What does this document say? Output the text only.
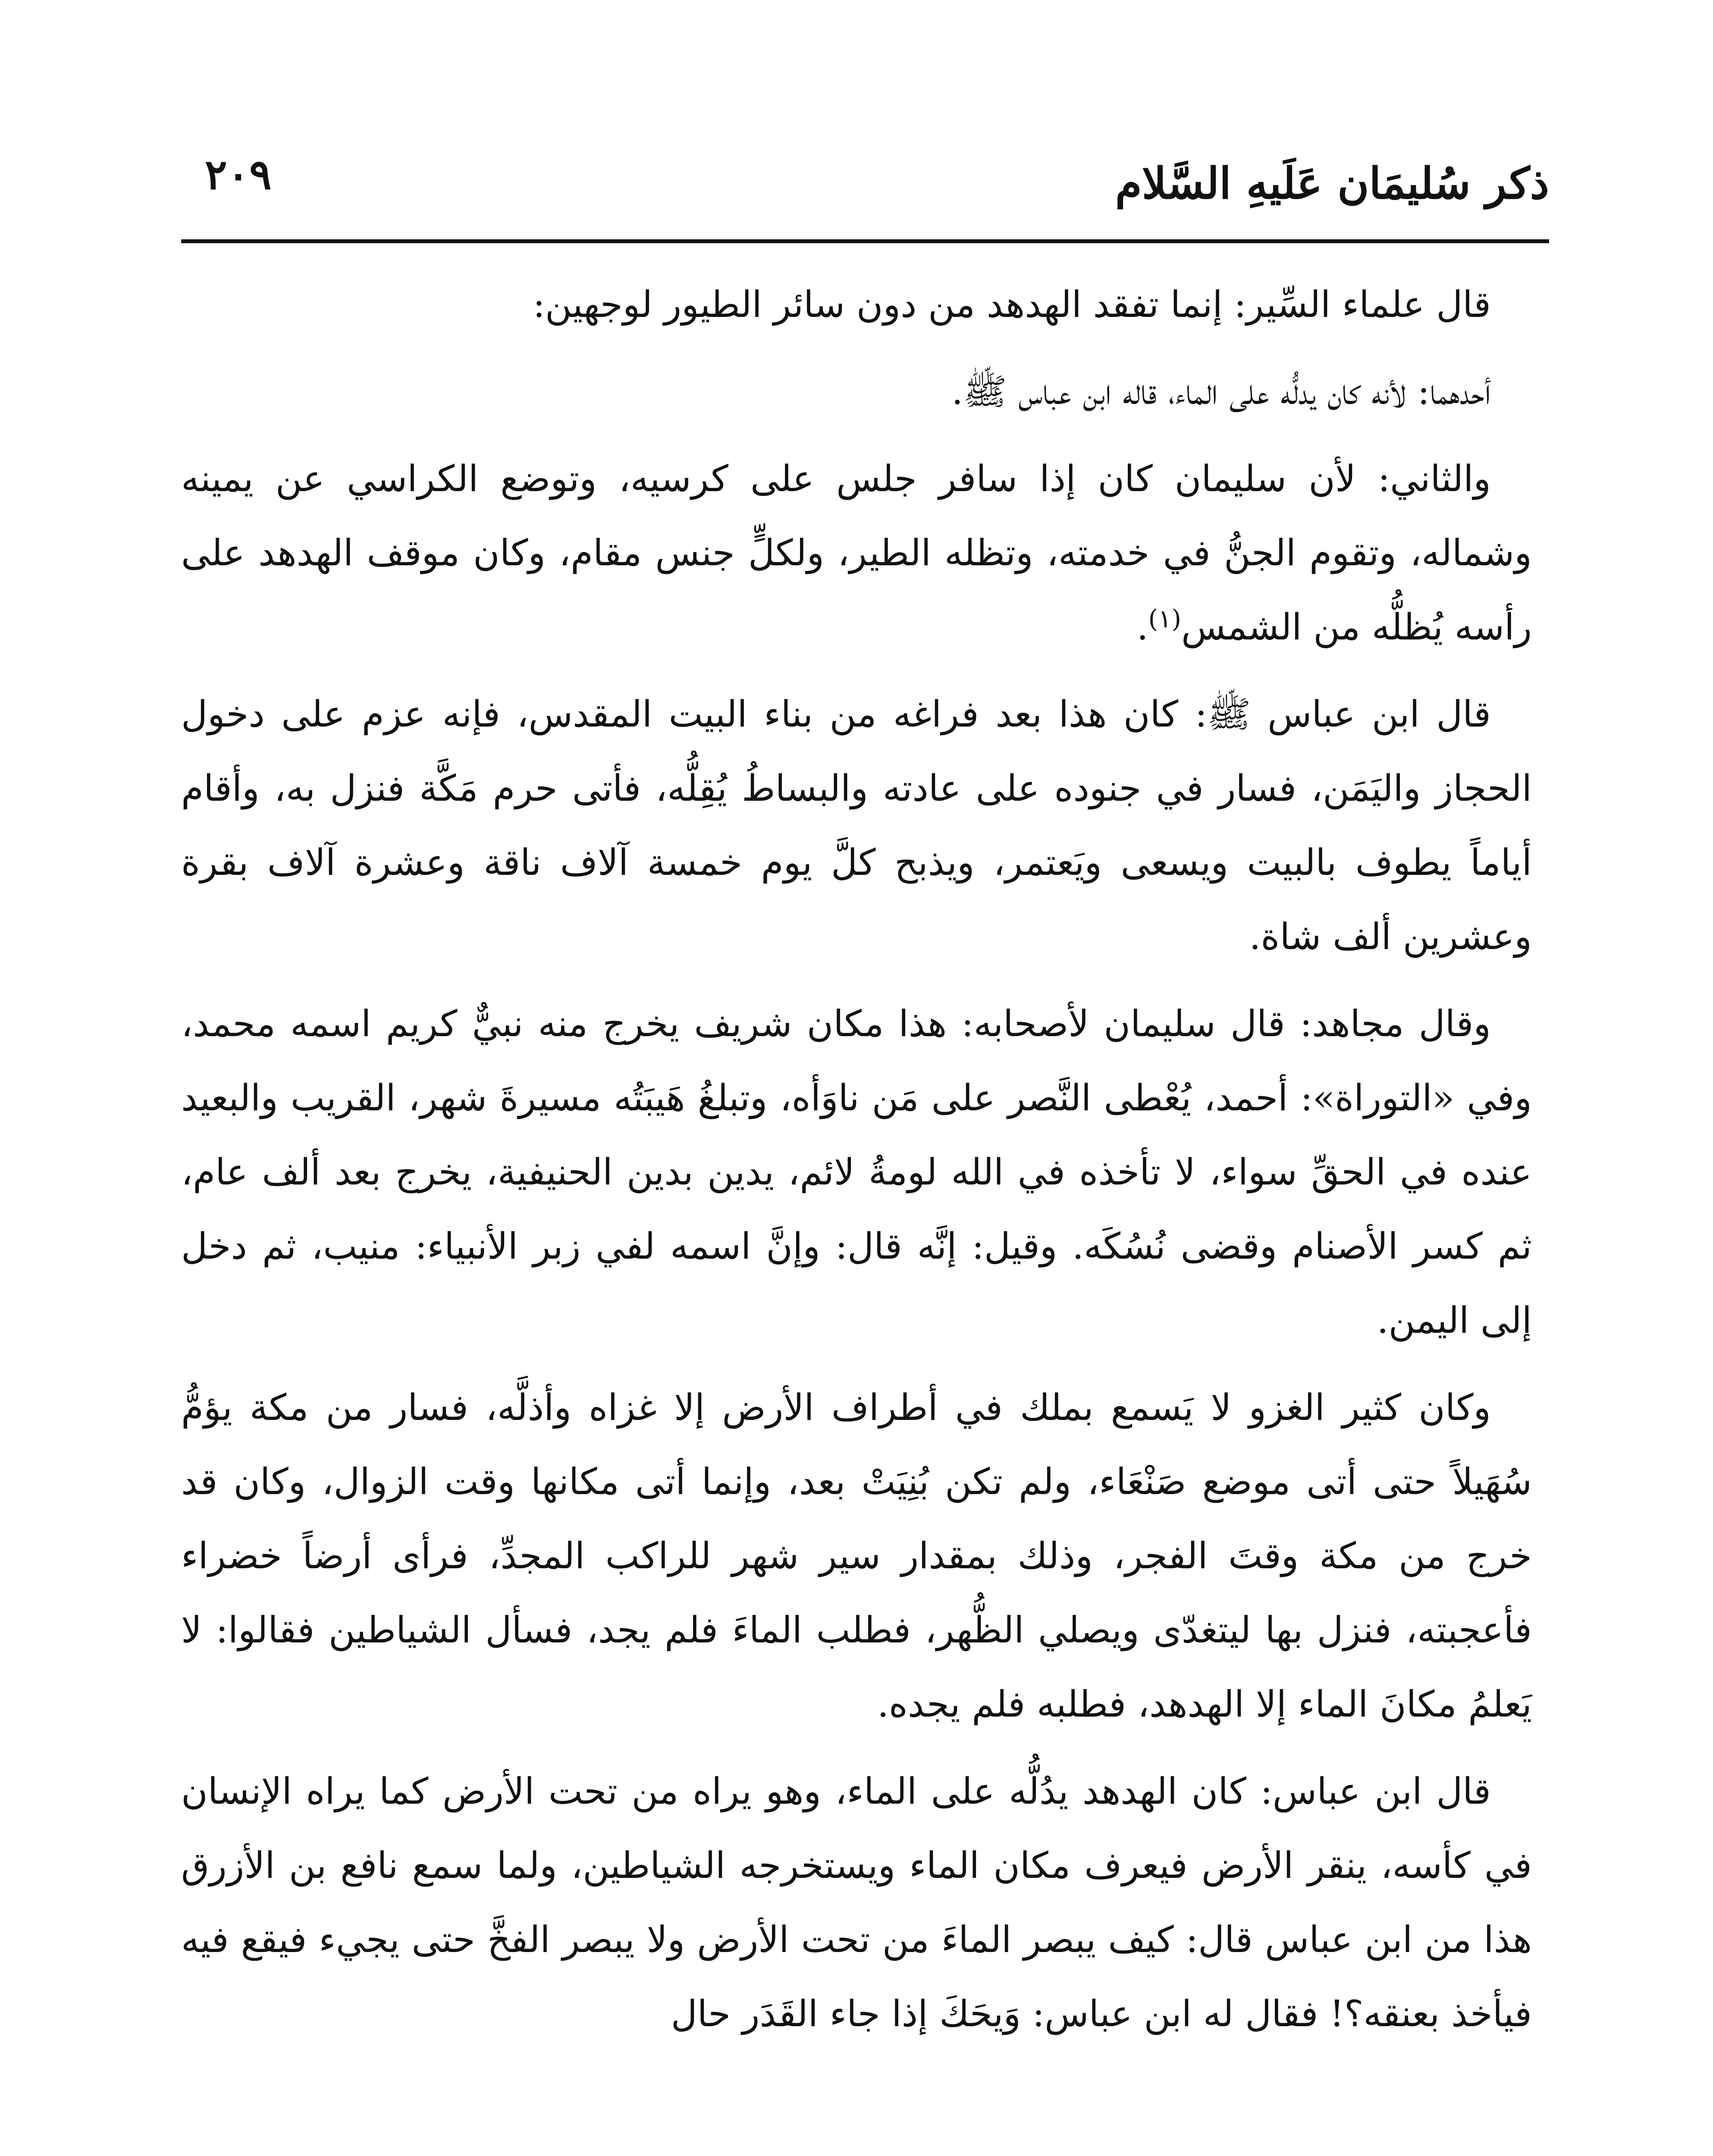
ذكر سُليمَان عَلَيهِ السَّلام
٢٠٩

قال علماء السِّير: إنما تفقد الهدهد من دون سائر الطيور لوجهين:

أحدهما: لأنه كان يدلُّه على الماء، قاله ابن عباس ﷺ.

والثاني: لأن سليمان كان إذا سافر جلس على كرسيه، وتوضع الكراسي عن يمينه وشماله، وتقوم الجنُّ في خدمته، وتظله الطير، ولكلٍّ جنس مقام، وكان موقف الهدهد على رأسه يُظلُّه من الشمس$^{(١)}$.

قال ابن عباس ﷺ: كان هذا بعد فراغه من بناء البيت المقدس، فإنه عزم على دخول الحجاز واليَمَن، فسار في جنوده على عادته والبساطُ يُقِلُّه، فأتى حرم مَكَّة فنزل به، وأقام أياماً يطوف بالبيت ويسعى ويَعتمر، ويذبح كلَّ يوم خمسة آلاف ناقة وعشرة آلاف بقرة وعشرين ألف شاة.

وقال مجاهد: قال سليمان لأصحابه: هذا مكان شريف يخرج منه نبيٌّ كريم اسمه محمد، وفي «التوراة»: أحمد، يُعْطى النَّصر على مَن ناوَأه، وتبلغُ هَيبَتُه مسيرةَ شهر، القريب والبعيد عنده في الحقِّ سواء، لا تأخذه في الله لومةُ لائم، يدين بدين الحنيفية، يخرج بعد ألف عام، ثم كسر الأصنام وقضى نُسُكَه. وقيل: إنَّه قال: وإنَّ اسمه لفي زبر الأنبياء: منيب، ثم دخل إلى اليمن.

وكان كثير الغزو لا يَسمع بملك في أطراف الأرض إلا غزاه وأذلَّه، فسار من مكة يؤمُّ سُهَيلاً حتى أتى موضع صَنْعَاء، ولم تكن بُنِيَتْ بعد، وإنما أتى مكانها وقت الزوال، وكان قد خرج من مكة وقتَ الفجر، وذلك بمقدار سير شهر للراكب المجدِّ، فرأى أرضاً خضراء فأعجبته، فنزل بها ليتغدّى ويصلي الظُّهر، فطلب الماءَ فلم يجد، فسأل الشياطين فقالوا: لا يَعلمُ مكانَ الماء إلا الهدهد، فطلبه فلم يجده.

قال ابن عباس: كان الهدهد يدُلُّه على الماء، وهو يراه من تحت الأرض كما يراه الإنسان في كأسه، ينقر الأرض فيعرف مكان الماء ويستخرجه الشياطين، ولما سمع نافع بن الأزرق هذا من ابن عباس قال: كيف يبصر الماءَ من تحت الأرض ولا يبصر الفخَّ حتى يجيء فيقع فيه فيأخذ بعنقه؟! فقال له ابن عباس: وَيحَكَ إذا جاء القَدَر حال
